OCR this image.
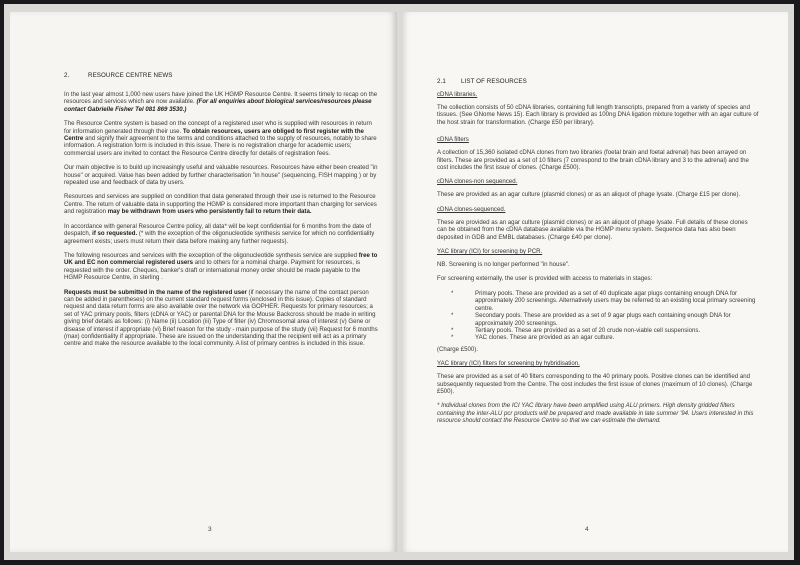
2.	RESOURCE CENTRE NEWS

In the last year almost 1,000 new users have joined the UK HGMP Resource Centre. It seems timely to recap on the resources and services which are now available. (For all enquiries about biological services/resources please contact Gabrielle Fisher Tel 081 869 3530.)

The Resource Centre system is based on the concept of a registered user who is supplied with resources in return for information generated through their use. To obtain resources, users are obliged to first register with the Centre and signify their agreement to the terms and conditions attached to the supply of resources, notably to share information. A registration form is included in this issue. There is no registration charge for academic users; commercial users are invited to contact the Resource Centre directly for details of registration fees.

Our main objective is to build up increasingly useful and valuable resources. Resources have either been created "in house" or acquired. Value has been added by further characterisation "in house" (sequencing, FISH mapping ) or by repeated use and feedback of data by users.

Resources and services are supplied on condition that data generated through their use is returned to the Resource Centre. The return of valuable data in supporting the HGMP is considered more important than charging for services and registration may be withdrawn from users who persistently fail to return their data.

In accordance with general Resource Centre policy, all data* will be kept confidential for 6 months from the date of despatch, if so requested. (* with the exception of the oligonucleotide synthesis service for which no confidentiality agreement exists; users must return their data before making any further requests).

The following resources and services with the exception of the oligonucleotide synthesis service are supplied free to UK and EC non commercial registered users and to others for a nominal charge. Payment for resources, is requested with the order. Cheques, banker's draft or international money order should be made payable to the HGMP Resource Centre, in sterling .

Requests must be submitted in the name of the registered user (if necessary the name of the contact person can be added in parentheses) on the current standard request forms (enclosed in this issue). Copies of standard request and data return forms are also available over the network via GOPHER. Requests for primary resources; a set of YAC primary pools, filters (cDNA or YAC) or parental DNA for the Mouse Backcross should be made in writing giving brief details as follows: (i) Name (ii) Location (iii) Type of filter (iv) Chromosomal area of interest (v) Gene or disease of interest if appropriate (vi) Brief reason for the study - main purpose of the study (vii) Request for 6 months (max) confidentiality if appropriate. These are issued on the understanding that the recipient will act as a primary centre and make the resource available to the local community. A list of primary centres is included in this issue.

3
2.1 LIST OF RESOURCES
cDNA libraries.

The collection consists of 50 cDNA libraries, containing full length transcripts, prepared from a variety of species and tissues. (See GNome News 15). Each library is provided as 100ng DNA ligation mixture together with an agar culture of the host strain for transformation. (Charge £50 per library).

cDNA filters

A collection of 15,360 isolated cDNA clones from two libraries (foetal brain and foetal adrenal) has been arrayed on filters. These are provided as a set of 10 filters (7 correspond to the brain cDNA library and 3 to the adrenal) and the cost includes the first issue of clones. (Charge £500).

cDNA clones-non sequenced.

These are provided as an agar culture (plasmid clones) or as an aliquot of phage lysate. (Charge £15 per clone).

cDNA clones-sequenced.

These are provided as an agar culture (plasmid clones) or as an aliquot of phage lysate. Full details of these clones can be obtained from the cDNA database available via the HGMP menu system. Sequence data has also been deposited in GDB and EMBL databases. (Charge £40 per clone).

YAC library (ICI) for screening by PCR.

NB. Screening is no longer performed "in house".

For screening externally, the user is provided with access to materials in stages:

*	Primary pools. These are provided as a set of 40 duplicate agar plugs containing enough DNA for approximately 200 screenings. Alternatively users may be referred to an existing local primary screening centre.
*	Secondary pools. These are provided as a set of 9 agar plugs each containing enough DNA for approximately 200 screenings.
*	Tertiary pools. These are provided as a set of 20 crude non-viable cell suspensions.
*	YAC clones. These are provided as an agar culture.

(Charge £500).

YAC library (ICI) filters for screening by hybridisation.

These are provided as a set of 40 filters corresponding to the 40 primary pools. Positive clones can be identified and subsequently requested from the Centre. The cost includes the first issue of clones (maximum of 10 clones). (Charge £500).

* Individual clones from the ICI YAC library have been amplified using ALU primers. High density gridded filters containing the inter-ALU pcr products will be prepared and made available in late summer '94. Users interested in this resource should contact the Resource Centre so that we can estimate the demand.

4
